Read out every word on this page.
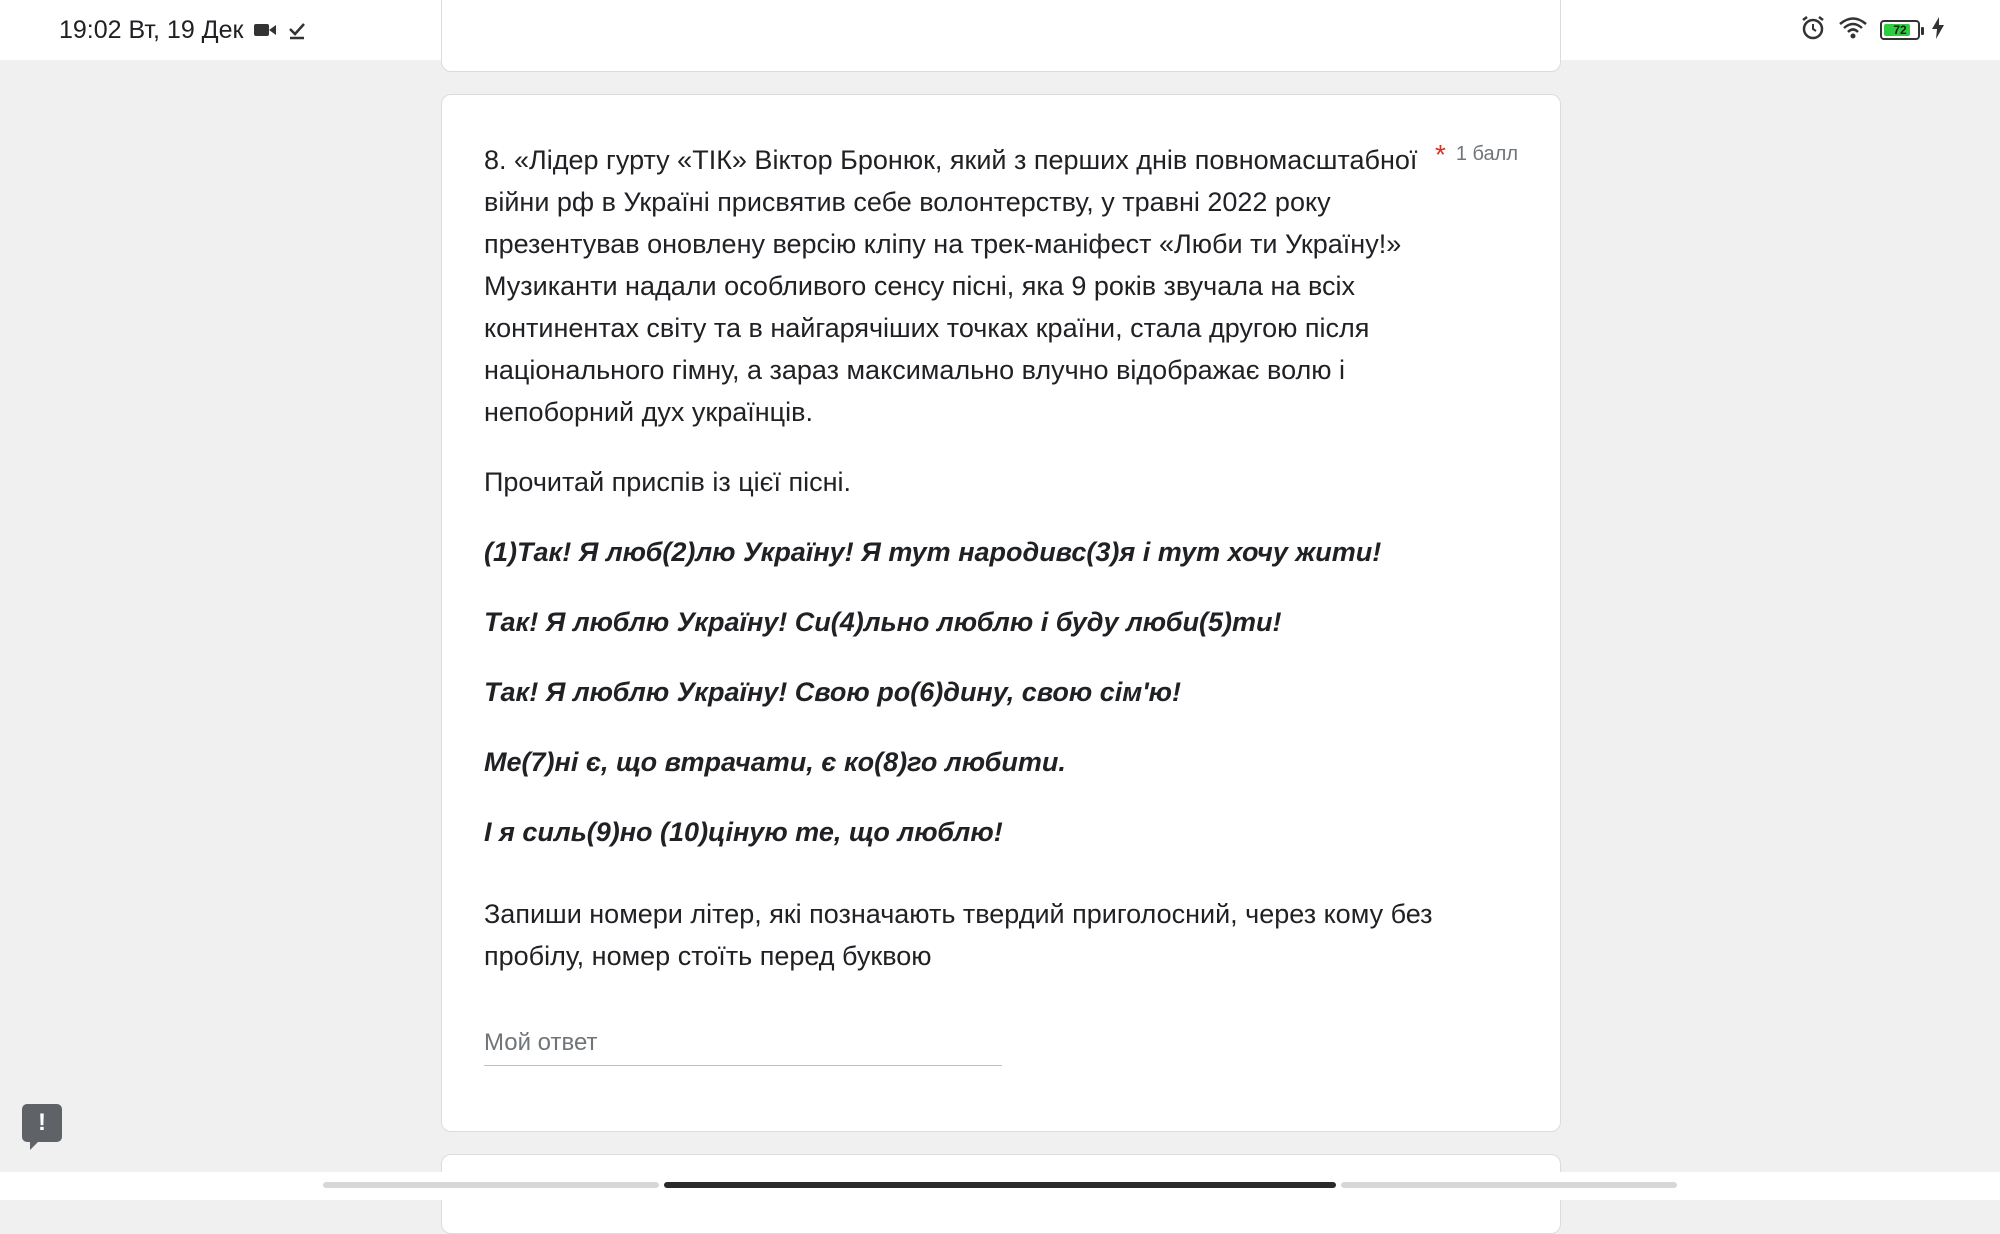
19:02 Вт, 19 Дек	72
* 1 балл
8. «Лідер гурту «ТІК» Віктор Бронюк, який з перших днів повномасштабної війни рф в Україні присвятив себе волонтерству, у травні 2022 року презентував оновлену версію кліпу на трек-маніфест «Люби ти Україну!» Музиканти надали особливого сенсу пісні, яка 9 років звучала на всіх континентах світу та в найгарячіших точках країни, стала другою після національного гімну, а зараз максимально влучно відображає волю і непоборний дух українців.
Прочитай приспів із цієї пісні.
(1)Так! Я люб(2)лю Україну! Я тут народивс(3)я і тут хочу жити!
Так! Я люблю Україну! Си(4)льно люблю і буду люби(5)ти!
Так! Я люблю Україну! Свою ро(6)дину, свою сім'ю!
Ме(7)ні є, що втрачати, є ко(8)го любити.
І я силь(9)но (10)ціную те, що люблю!
Запиши номери літер, які позначають твердий приголосний, через кому без пробілу, номер стоїть перед буквою
Мой ответ
!
